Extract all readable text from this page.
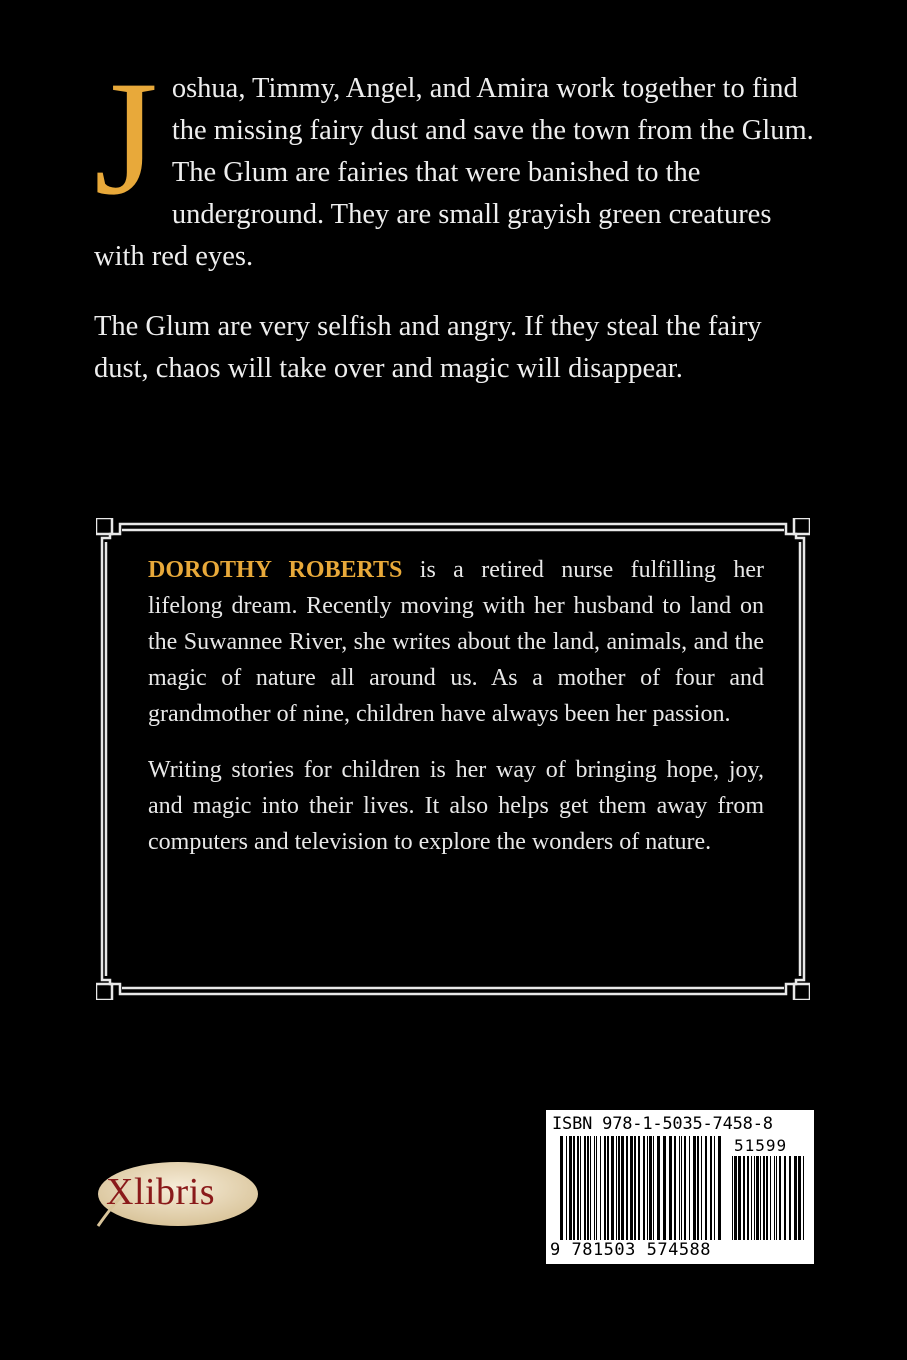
Joshua, Timmy, Angel, and Amira work together to find the missing fairy dust and save the town from the Glum. The Glum are fairies that were banished to the underground. They are small grayish green creatures with red eyes.

The Glum are very selfish and angry. If they steal the fairy dust, chaos will take over and magic will disappear.

DOROTHY ROBERTS is a retired nurse fulfilling her lifelong dream. Recently moving with her husband to land on the Suwannee River, she writes about the land, animals, and the magic of nature all around us. As a mother of four and grandmother of nine, children have always been her passion.

Writing stories for children is her way of bringing hope, joy, and magic into their lives. It also helps get them away from computers and television to explore the wonders of nature.

Xlibris
ISBN 978-1-5035-7458-8
51599
9 781503 574588
